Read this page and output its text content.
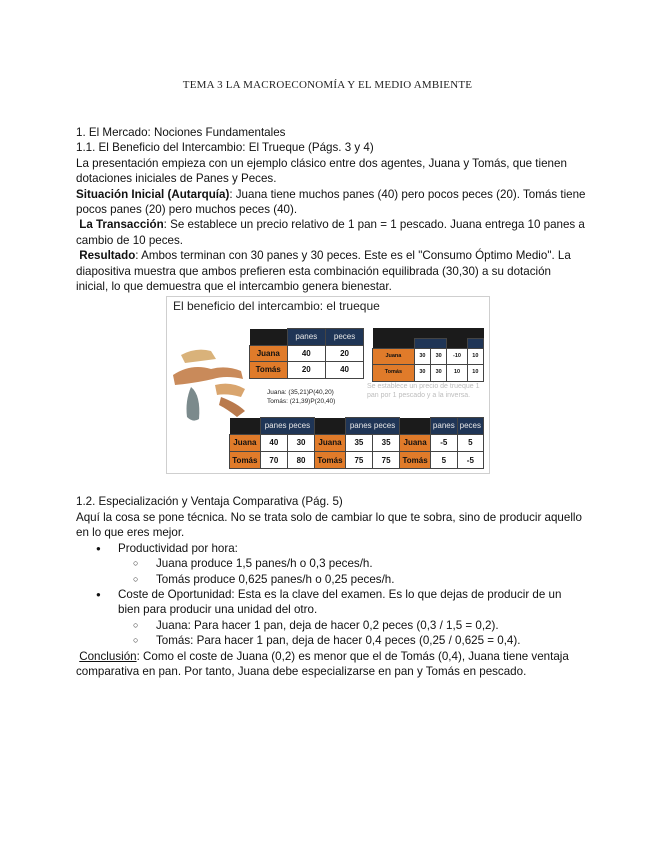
TEMA 3 LA MACROECONOMÍA Y EL MEDIO AMBIENTE

1. El Mercado: Nociones Fundamentales

1.1. El Beneficio del Intercambio: El Trueque (Págs. 3 y 4)

La presentación empieza con un ejemplo clásico entre dos agentes, Juana y Tomás, que tienen dotaciones iniciales de Panes y Peces.

Situación Inicial (Autarquía): Juana tiene muchos panes (40) pero pocos peces (20). Tomás tiene pocos panes (20) pero muchos peces (40).

La Transacción: Se establece un precio relativo de 1 pan = 1 pescado. Juana entrega 10 panes a cambio de 10 peces.

Resultado: Ambos terminan con 30 panes y 30 peces. Este es el "Consumo Óptimo Medio". La diapositiva muestra que ambos prefieren esta combinación equilibrada (30,30) a su dotación inicial, lo que demuestra que el intercambio genera bienestar.

El beneficio del intercambio: el trueque
	panes	peces
Juana	40	20
Tomás	20	40

Juana	30	30	-10	10
Tomás	30	30	10	10
Juana: (35,21)P(40,20)
Tomás: (21,39)P(20,40)
Se establece un precio de trueque 1 pan por 1 pescado y a la inversa.
	panes peces			panes peces			panes	peces
Juana	40	30	Juana	35	35	Juana	-5	5
Tomás	70	80	Tomás	75	75	Tomás	5	-5

1.2. Especialización y Ventaja Comparativa (Pág. 5)

Aquí la cosa se pone técnica. No se trata solo de cambiar lo que te sobra, sino de producir aquello en lo que eres mejor.

● Productividad por hora:
○ Juana produce 1,5 panes/h o 0,3 peces/h.
○ Tomás produce 0,625 panes/h o 0,25 peces/h.
● Coste de Oportunidad: Esta es la clave del examen. Es lo que dejas de producir de un bien para producir una unidad del otro.
○ Juana: Para hacer 1 pan, deja de hacer 0,2 peces (0,3 / 1,5 = 0,2).
○ Tomás: Para hacer 1 pan, deja de hacer 0,4 peces (0,25 / 0,625 = 0,4).

Conclusión: Como el coste de Juana (0,2) es menor que el de Tomás (0,4), Juana tiene ventaja comparativa en pan. Por tanto, Juana debe especializarse en pan y Tomás en pescado.
